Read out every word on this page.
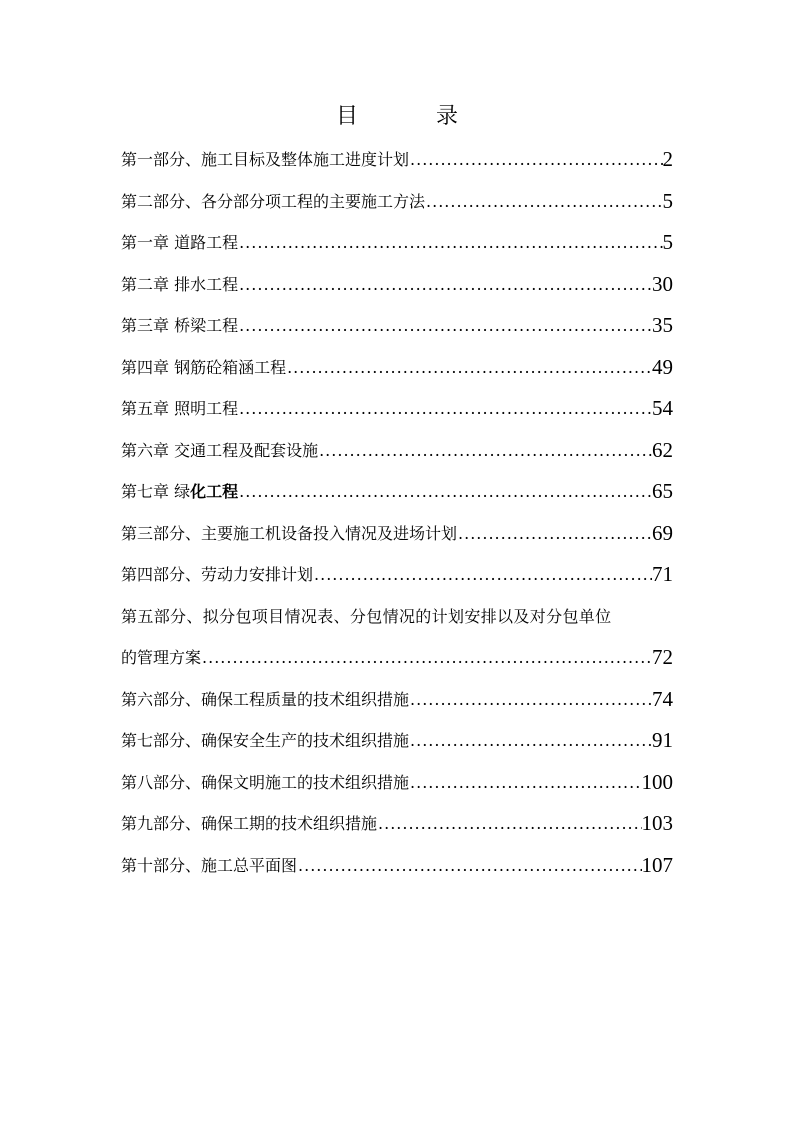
目　录
第一部分、施工目标及整体施工进度计划 .....	2
第二部分、各分部分项工程的主要施工方法 .....	5
第一章 道路工程 .....	5
第二章 排水工程 .....	30
第三章 桥梁工程 .....	35
第四章 钢筋砼箱涵工程 .....	49
第五章 照明工程 .....	54
第六章 交通工程及配套设施 .....	62
第七章 绿化工程 .....	65
第三部分、主要施工机设备投入情况及进场计划 .....	69
第四部分、劳动力安排计划 .....	71
第五部分、拟分包项目情况表、分包情况的计划安排以及对分包单位
的管理方案 .....	72
第六部分、确保工程质量的技术组织措施 .....	74
第七部分、确保安全生产的技术组织措施 .....	91
第八部分、确保文明施工的技术组织措施 .....	100
第九部分、确保工期的技术组织措施 .....	103
第十部分、施工总平面图 .....	107
